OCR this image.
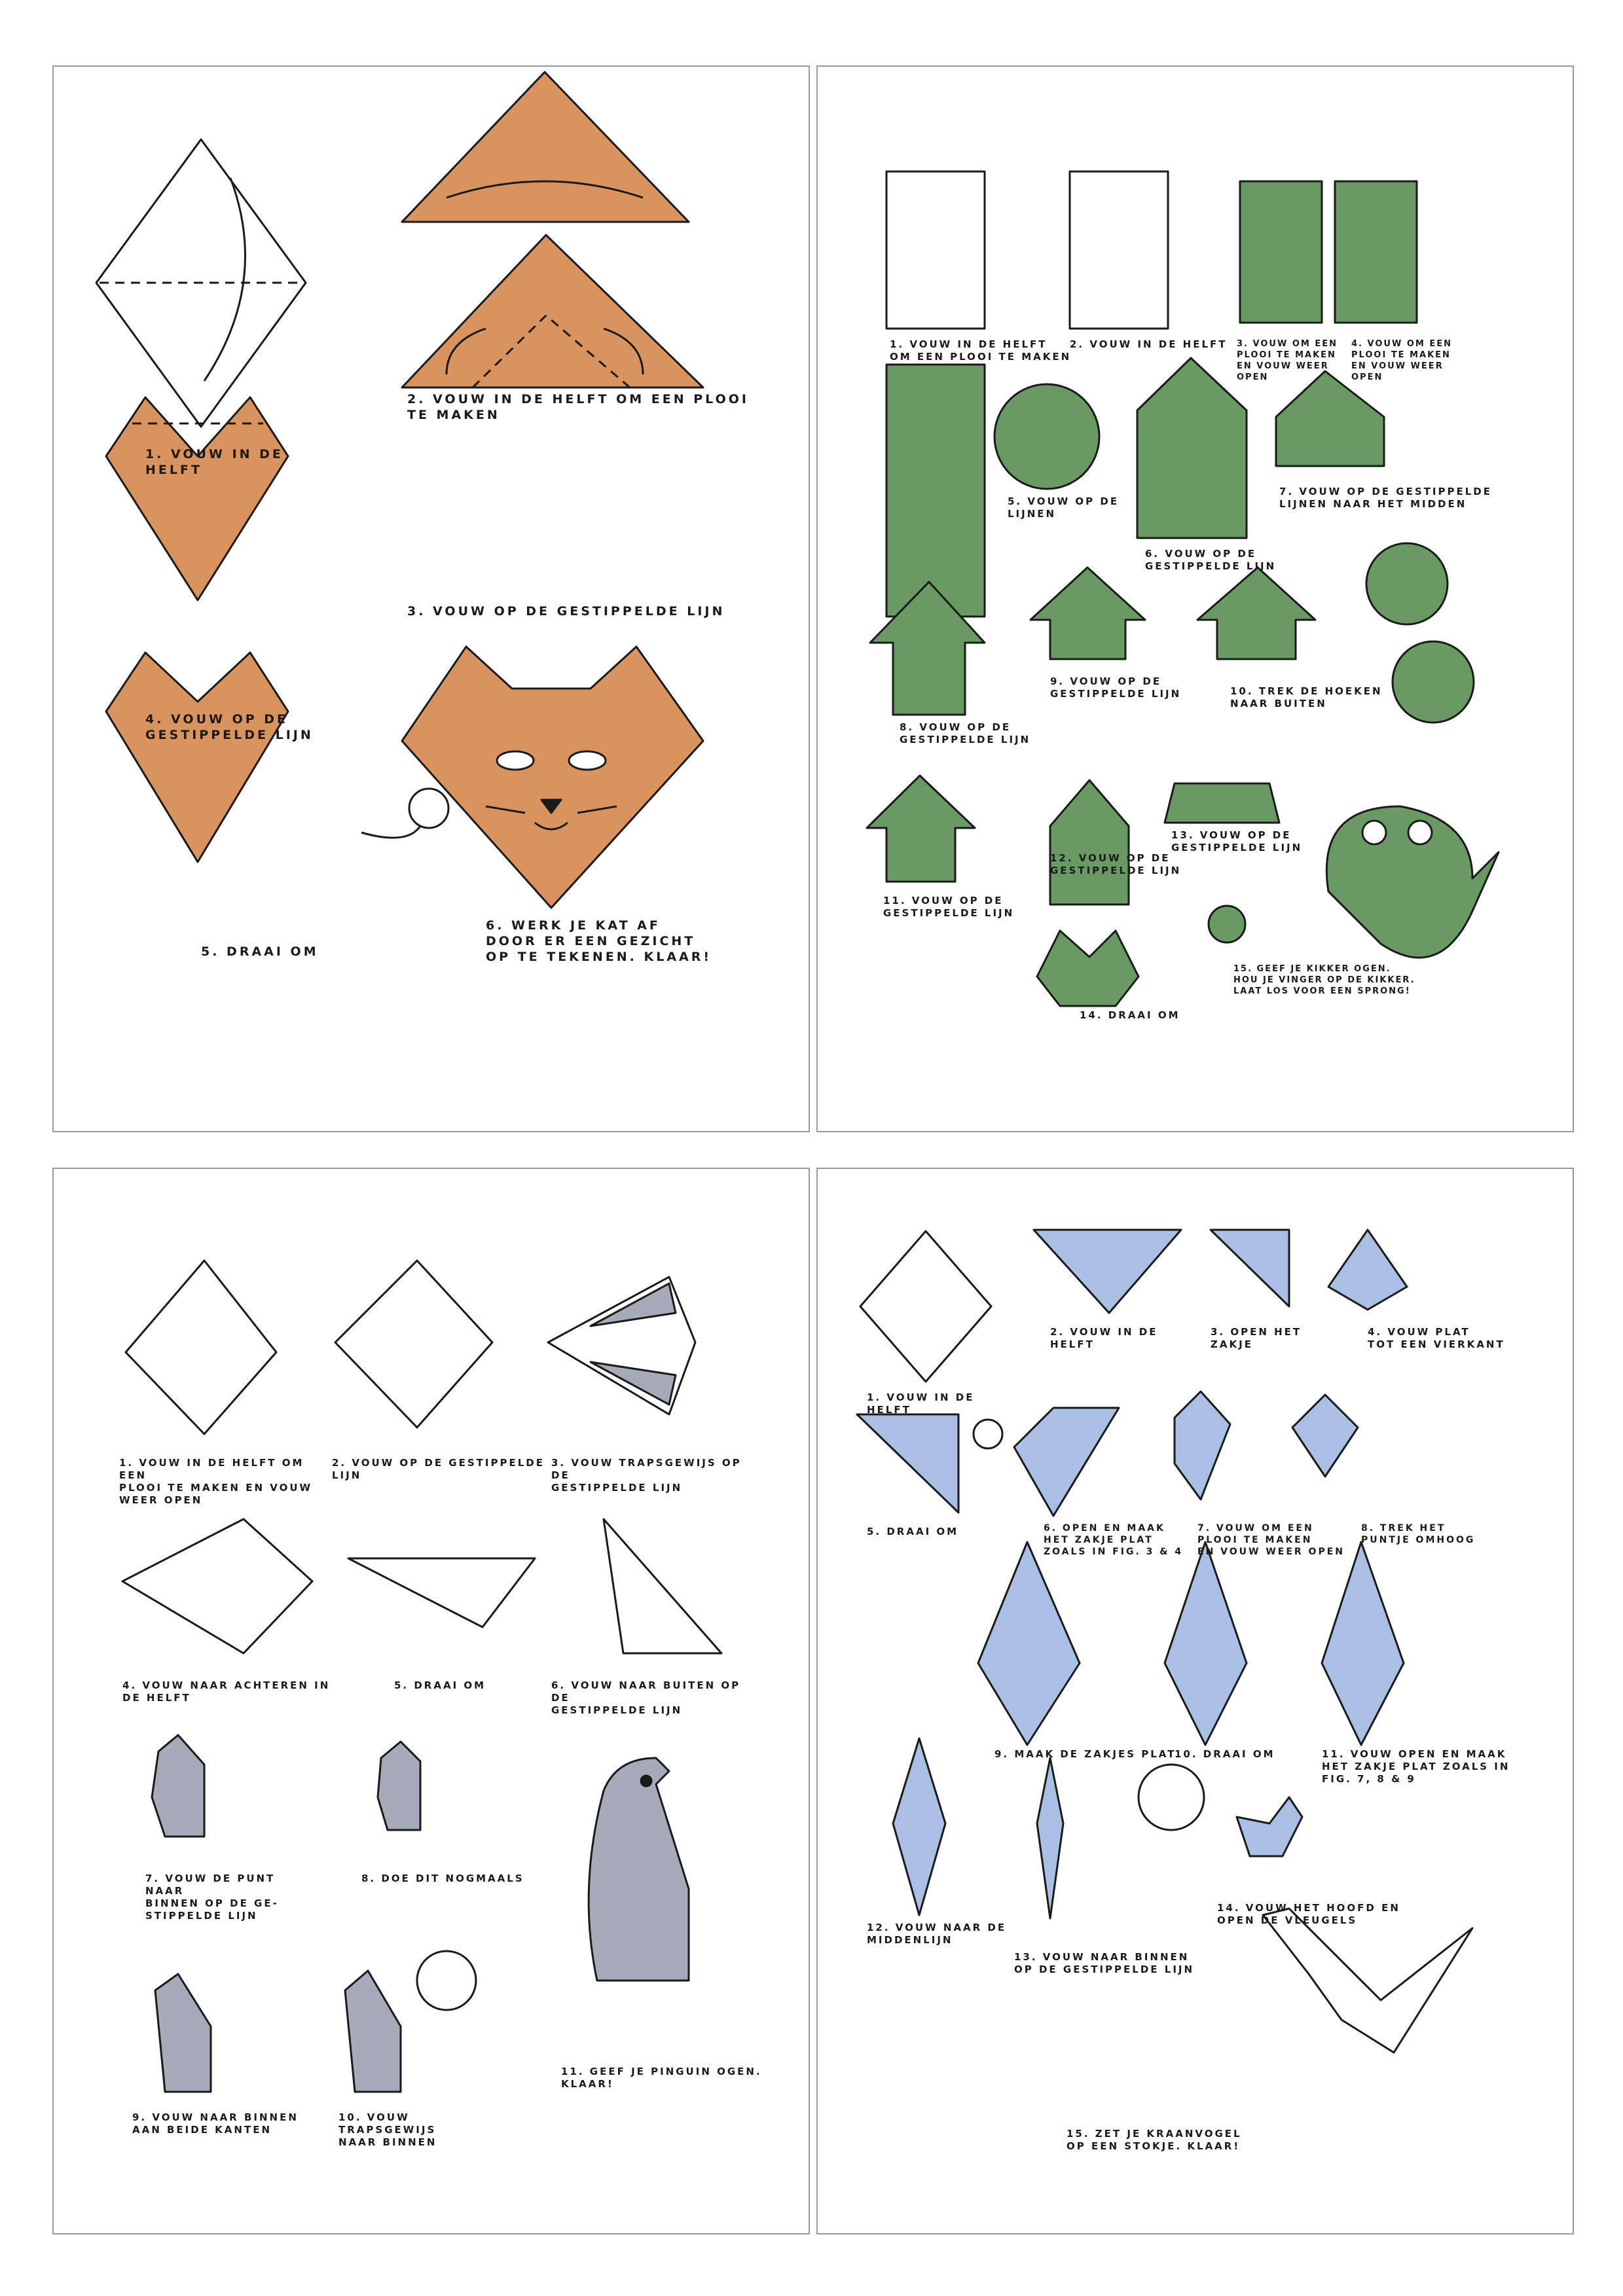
1. VOUW IN DE HELFT
2. VOUW IN DE HELFT OM EEN PLOOI TE MAKEN
3. VOUW OP DE GESTIPPELDE LIJN
4. VOUW OP DE GESTIPPELDE LIJN
5. DRAAI OM
6. WERK JE KAT AF
DOOR ER EEN GEZICHT
OP TE TEKENEN. KLAAR!
1. VOUW IN DE HELFT
OM EEN PLOOI TE MAKEN
2. VOUW IN DE HELFT	3. VOUW OM EEN
PLOOI TE MAKEN
EN VOUW WEER OPEN
4. VOUW OM EEN
PLOOI TE MAKEN
EN VOUW WEER OPEN
5. VOUW OP DE LIJNEN
6. VOUW OP DE
GESTIPPELDE LIJN
7. VOUW OP DE GESTIPPELDE
LIJNEN NAAR HET MIDDEN
8. VOUW OP DE
GESTIPPELDE LIJN
9. VOUW OP DE
GESTIPPELDE LIJN	10. TREK DE HOEKEN
NAAR BUITEN
11. VOUW OP DE
GESTIPPELDE LIJN
12. VOUW OP DE
GESTIPPELDE LIJN
13. VOUW OP DE
GESTIPPELDE LIJN
14. DRAAI OM
15. GEEF JE KIKKER OGEN.
HOU JE VINGER OP DE KIKKER.
LAAT LOS VOOR EEN SPRONG!
1. VOUW IN DE HELFT OM EEN
PLOOI TE MAKEN EN VOUW
WEER OPEN
2. VOUW OP DE GESTIPPELDE LIJN
3. VOUW TRAPSGEWIJS OP DE
GESTIPPELDE LIJN
4. VOUW NAAR ACHTEREN IN
DE HELFT
5. DRAAI OM	6. VOUW NAAR BUITEN OP DE
GESTIPPELDE LIJN
7. VOUW DE PUNT NAAR
BINNEN OP DE GE-
STIPPELDE LIJN
8. DOE DIT NOGMAALS
9. VOUW NAAR BINNEN
AAN BEIDE KANTEN
10. VOUW TRAPSGEWIJS
NAAR BINNEN
11. GEEF JE PINGUIN OGEN.
KLAAR!
1. VOUW IN DE HELFT
2. VOUW IN DE HELFT
3. OPEN HET ZAKJE
4. VOUW PLAT
TOT EEN VIERKANT
5. DRAAI OM	6. OPEN EN MAAK
HET ZAKJE PLAT
ZOALS IN FIG. 3 & 4
7. VOUW OM EEN
PLOOI TE MAKEN
EN VOUW WEER OPEN
8. TREK HET
PUNTJE OMHOOG
9. MAAK DE ZAKJES PLAT
10. DRAAI OM	11. VOUW OPEN EN MAAK
HET ZAKJE PLAT ZOALS IN
FIG. 7, 8 & 9
12. VOUW NAAR DE
MIDDENLIJN
13. VOUW NAAR BINNEN
OP DE GESTIPPELDE LIJN
14. VOUW HET HOOFD EN
OPEN DE VLEUGELS
15. ZET JE KRAANVOGEL
OP EEN STOKJE. KLAAR!
